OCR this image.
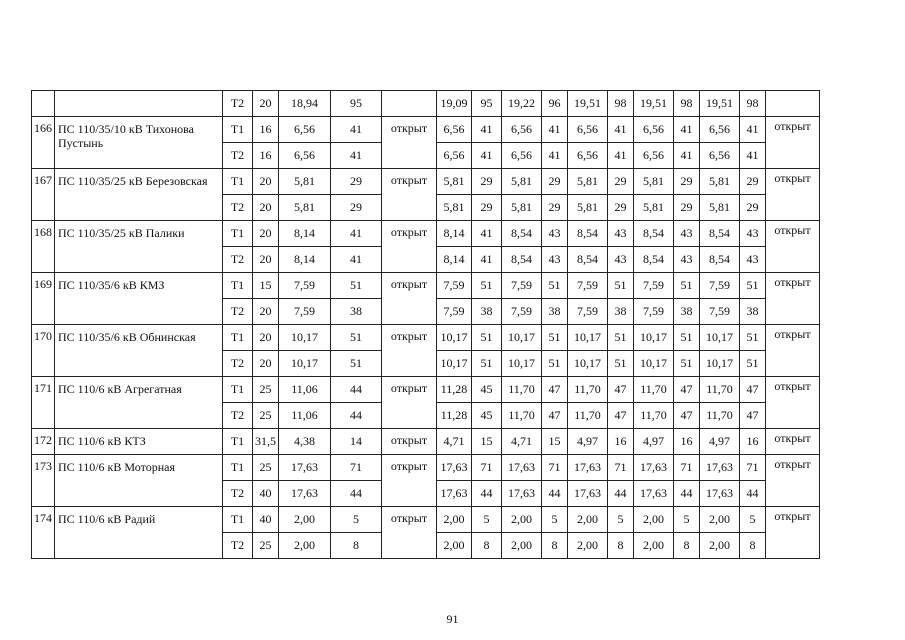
		Т2	20	18,94	95		19,09	95	19,22	96	19,51	98	19,51	98	19,51	98	
166	ПС 110/35/10 кВ Тихонова Пустынь	Т1	16	6,56	41	открыт	6,56	41	6,56	41	6,56	41	6,56	41	6,56	41	открыт
		Т2	16	6,56	41		6,56	41	6,56	41	6,56	41	6,56	41	6,56	41	
167	ПС 110/35/25 кВ Березовская	Т1	20	5,81	29	открыт	5,81	29	5,81	29	5,81	29	5,81	29	5,81	29	открыт
		Т2	20	5,81	29		5,81	29	5,81	29	5,81	29	5,81	29	5,81	29	
168	ПС 110/35/25 кВ Палики	Т1	20	8,14	41	открыт	8,14	41	8,54	43	8,54	43	8,54	43	8,54	43	открыт
		Т2	20	8,14	41		8,14	41	8,54	43	8,54	43	8,54	43	8,54	43	
169	ПС 110/35/6 кВ КМЗ	Т1	15	7,59	51	открыт	7,59	51	7,59	51	7,59	51	7,59	51	7,59	51	открыт
		Т2	20	7,59	38		7,59	38	7,59	38	7,59	38	7,59	38	7,59	38	
170	ПС 110/35/6 кВ Обнинская	Т1	20	10,17	51	открыт	10,17	51	10,17	51	10,17	51	10,17	51	10,17	51	открыт
		Т2	20	10,17	51		10,17	51	10,17	51	10,17	51	10,17	51	10,17	51	
171	ПС 110/6 кВ Агрегатная	Т1	25	11,06	44	открыт	11,28	45	11,70	47	11,70	47	11,70	47	11,70	47	открыт
		Т2	25	11,06	44		11,28	45	11,70	47	11,70	47	11,70	47	11,70	47	
172	ПС 110/6 кВ КТЗ	Т1	31,5	4,38	14	открыт	4,71	15	4,71	15	4,97	16	4,97	16	4,97	16	открыт
173	ПС 110/6 кВ Моторная	Т1	25	17,63	71	открыт	17,63	71	17,63	71	17,63	71	17,63	71	17,63	71	открыт
		Т2	40	17,63	44		17,63	44	17,63	44	17,63	44	17,63	44	17,63	44	
174	ПС 110/6 кВ Радий	Т1	40	2,00	5	открыт	2,00	5	2,00	5	2,00	5	2,00	5	2,00	5	открыт
		Т2	25	2,00	8		2,00	8	2,00	8	2,00	8	2,00	8	2,00	8	
91
